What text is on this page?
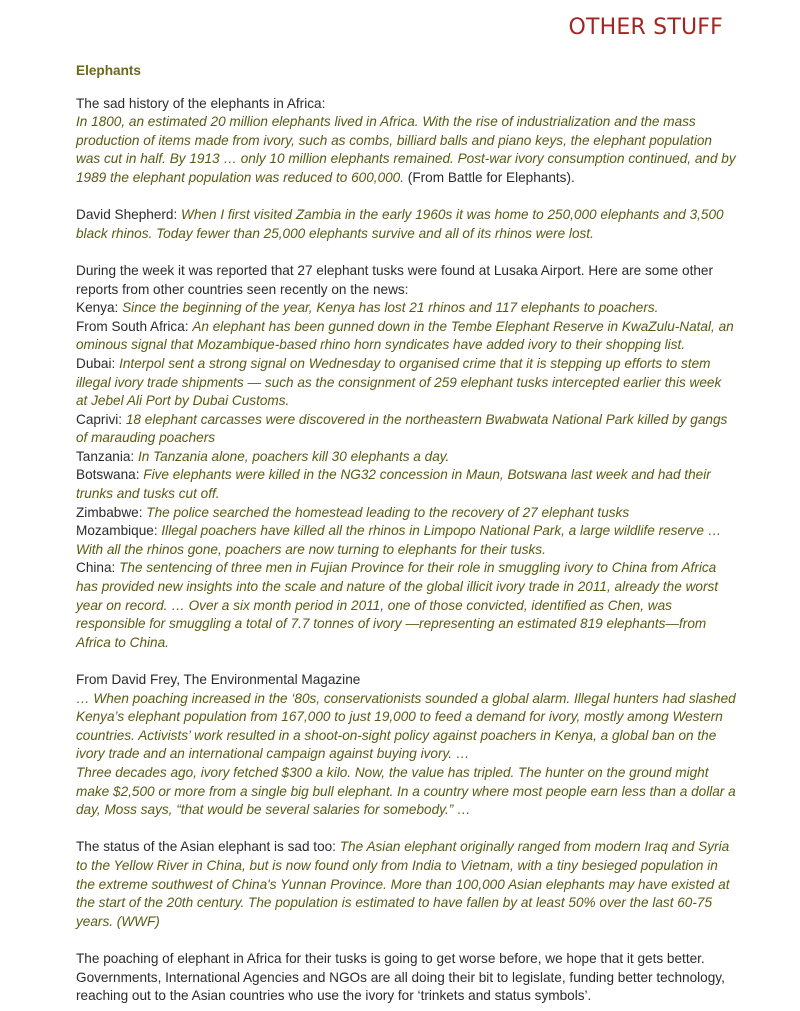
OTHER STUFF
Elephants

The sad history of the elephants in Africa:

In 1800, an estimated 20 million elephants lived in Africa. With the rise of industrialization and the mass production of items made from ivory, such as combs, billiard balls and piano keys, the elephant population was cut in half. By 1913 … only 10 million elephants remained. Post-war ivory consumption continued, and by 1989 the elephant population was reduced to 600,000. (From Battle for Elephants).

David Shepherd: When I first visited Zambia in the early 1960s it was home to 250,000 elephants and 3,500 black rhinos. Today fewer than 25,000 elephants survive and all of its rhinos were lost.

During the week it was reported that 27 elephant tusks were found at Lusaka Airport. Here are some other reports from other countries seen recently on the news:

Kenya: Since the beginning of the year, Kenya has lost 21 rhinos and 117 elephants to poachers.

From South Africa: An elephant has been gunned down in the Tembe Elephant Reserve in KwaZulu-Natal, an ominous signal that Mozambique-based rhino horn syndicates have added ivory to their shopping list.

Dubai: Interpol sent a strong signal on Wednesday to organised crime that it is stepping up efforts to stem illegal ivory trade shipments — such as the consignment of 259 elephant tusks intercepted earlier this week at Jebel Ali Port by Dubai Customs.

Caprivi: 18 elephant carcasses were discovered in the northeastern Bwabwata National Park killed by gangs of marauding poachers

Tanzania: In Tanzania alone, poachers kill 30 elephants a day.

Botswana: Five elephants were killed in the NG32 concession in Maun, Botswana last week and had their trunks and tusks cut off.

Zimbabwe: The police searched the homestead leading to the recovery of 27 elephant tusks

Mozambique: Illegal poachers have killed all the rhinos in Limpopo National Park, a large wildlife reserve … With all the rhinos gone, poachers are now turning to elephants for their tusks.

China: The sentencing of three men in Fujian Province for their role in smuggling ivory to China from Africa has provided new insights into the scale and nature of the global illicit ivory trade in 2011, already the worst year on record. … Over a six month period in 2011, one of those convicted, identified as Chen, was responsible for smuggling a total of 7.7 tonnes of ivory —representing an estimated 819 elephants—from Africa to China.

From David Frey, The Environmental Magazine

… When poaching increased in the ‘80s, conservationists sounded a global alarm. Illegal hunters had slashed Kenya’s elephant population from 167,000 to just 19,000 to feed a demand for ivory, mostly among Western countries. Activists’ work resulted in a shoot-on-sight policy against poachers in Kenya, a global ban on the ivory trade and an international campaign against buying ivory. …

Three decades ago, ivory fetched $300 a kilo. Now, the value has tripled. The hunter on the ground might make $2,500 or more from a single big bull elephant. In a country where most people earn less than a dollar a day, Moss says, “that would be several salaries for somebody.” …

The status of the Asian elephant is sad too: The Asian elephant originally ranged from modern Iraq and Syria to the Yellow River in China, but is now found only from India to Vietnam, with a tiny besieged population in the extreme southwest of China's Yunnan Province. More than 100,000 Asian elephants may have existed at the start of the 20th century. The population is estimated to have fallen by at least 50% over the last 60-75 years. (WWF)

The poaching of elephant in Africa for their tusks is going to get worse before, we hope that it gets better. Governments, International Agencies and NGOs are all doing their bit to legislate, funding better technology, reaching out to the Asian countries who use the ivory for ‘trinkets and status symbols’.
